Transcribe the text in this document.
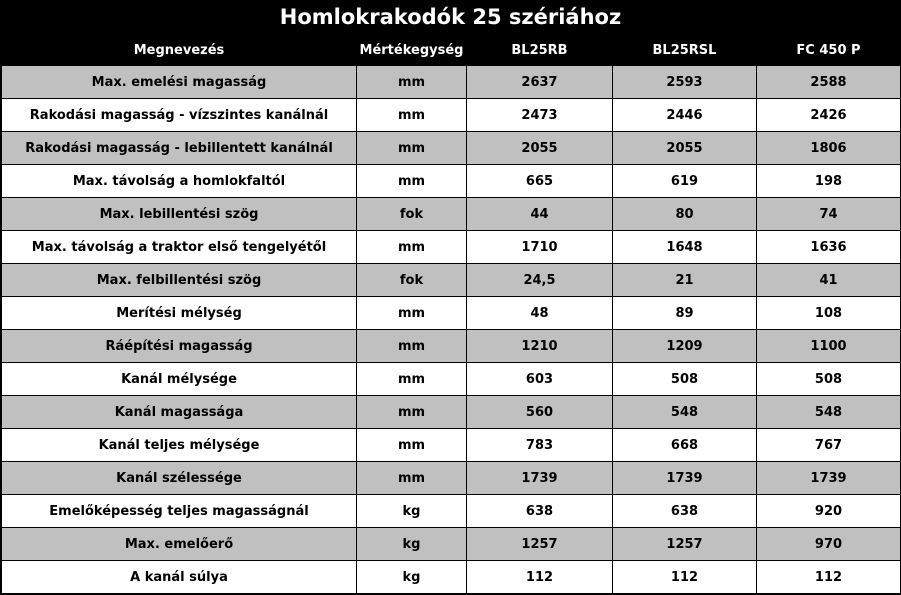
Homlokrakodók 25 szériához
Megnevezés	Mértékegység	BL25RB	BL25RSL	FC 450 P
Max. emelési magasság	mm	2637	2593	2588
Rakodási magasság - vízszintes kanálnál	mm	2473	2446	2426
Rakodási magasság - lebillentett kanálnál	mm	2055	2055	1806
Max. távolság a homlokfaltól	mm	665	619	198
Max. lebillentési szög	fok	44	80	74
Max. távolság a traktor első tengelyétől	mm	1710	1648	1636
Max. felbillentési szög	fok	24,5	21	41
Merítési mélység	mm	48	89	108
Ráépítési magasság	mm	1210	1209	1100
Kanál mélysége	mm	603	508	508
Kanál magassága	mm	560	548	548
Kanál teljes mélysége	mm	783	668	767
Kanál szélessége	mm	1739	1739	1739
Emelőképesség teljes magasságnál	kg	638	638	920
Max. emelőerő	kg	1257	1257	970
A kanál súlya	kg	112	112	112
